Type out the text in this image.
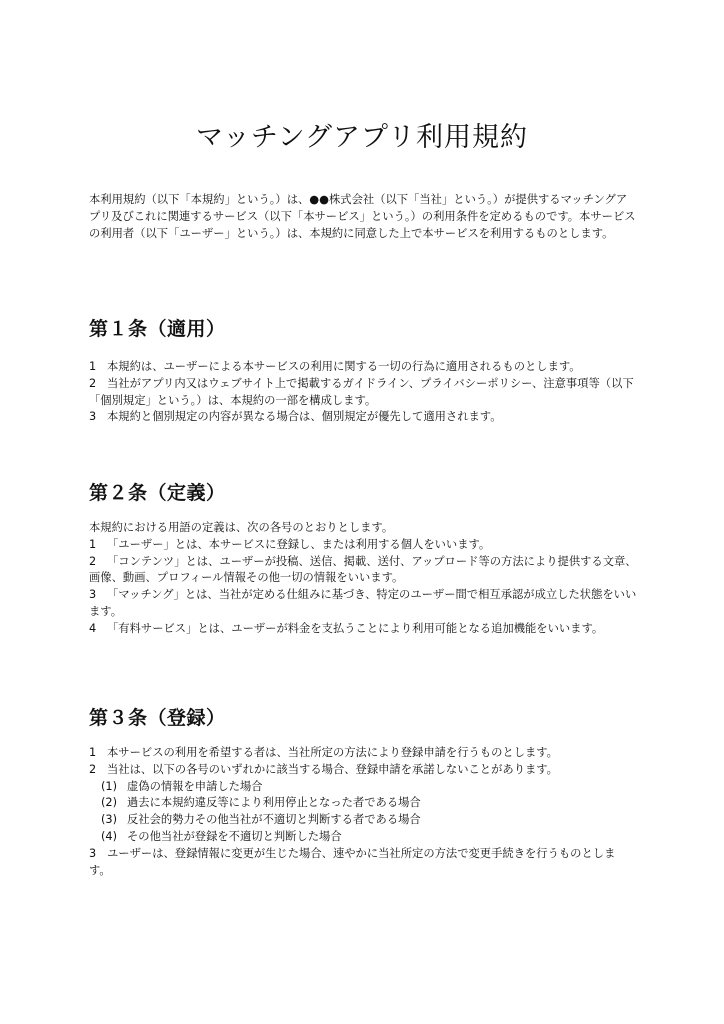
マッチングアプリ利用規約

本利用規約（以下「本規約」という。）は、●●株式会社（以下「当社」という。）が提供するマッチングアプリ及びこれに関連するサービス（以下「本サービス」という。）の利用条件を定めるものです。本サービスの利用者（以下「ユーザー」という。）は、本規約に同意した上で本サービスを利用するものとします。

第１条（適用）
1 本規約は、ユーザーによる本サービスの利用に関する一切の行為に適用されるものとします。
2 当社がアプリ内又はウェブサイト上で掲載するガイドライン、プライバシーポリシー、注意事項等（以下「個別規定」という。）は、本規約の一部を構成します。
3 本規約と個別規定の内容が異なる場合は、個別規定が優先して適用されます。
第２条（定義）
本規約における用語の定義は、次の各号のとおりとします。
1 「ユーザー」とは、本サービスに登録し、または利用する個人をいいます。
2 「コンテンツ」とは、ユーザーが投稿、送信、掲載、送付、アップロード等の方法により提供する文章、画像、動画、プロフィール情報その他一切の情報をいいます。
3 「マッチング」とは、当社が定める仕組みに基づき、特定のユーザー間で相互承認が成立した状態をいいます。
4 「有料サービス」とは、ユーザーが料金を支払うことにより利用可能となる追加機能をいいます。
第３条（登録）
1 本サービスの利用を希望する者は、当社所定の方法により登録申請を行うものとします。
2 当社は、以下の各号のいずれかに該当する場合、登録申請を承諾しないことがあります。
(1) 虚偽の情報を申請した場合
(2) 過去に本規約違反等により利用停止となった者である場合
(3) 反社会的勢力その他当社が不適切と判断する者である場合
(4) その他当社が登録を不適切と判断した場合
3 ユーザーは、登録情報に変更が生じた場合、速やかに当社所定の方法で変更手続きを行うものとします。
